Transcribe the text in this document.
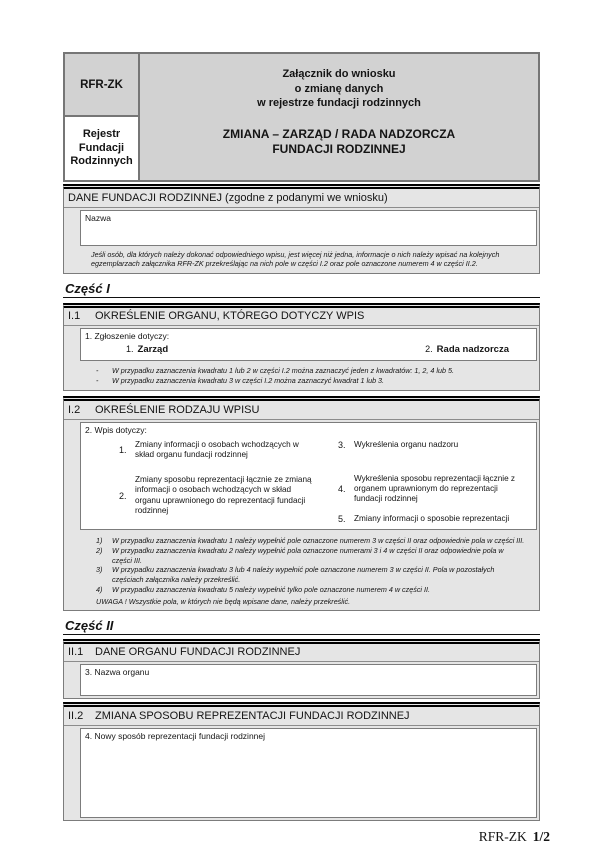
RFR-ZK
Rejestr
Fundacji
Rodzinnych
Załącznik do wniosku
o zmianę danych
w rejestrze fundacji rodzinnych
ZMIANA – ZARZĄD / RADA NADZORCZA
FUNDACJI RODZINNEJ
DANE FUNDACJI RODZINNEJ (zgodne z podanymi we wniosku)
Nazwa
Jeśli osób, dla których należy dokonać odpowiedniego wpisu, jest więcej niż jedna, informacje o nich należy wpisać na kolejnych egzemplarzach załącznika RFR-ZK przekreślając na nich pole w części I.2 oraz pole oznaczone numerem 4 w części II.2.
Część I
I.1	OKREŚLENIE ORGANU, KTÓREGO DOTYCZY WPIS
1. Zgłoszenie dotyczy:
1. Zarząd	2. Rada nadzorcza
-	W przypadku zaznaczenia kwadratu 1 lub 2 w części I.2 można zaznaczyć jeden z kwadratów: 1, 2, 4 lub 5.
-	W przypadku zaznaczenia kwadratu 3 w części I.2 można zaznaczyć kwadrat 1 lub 3.
I.2	OKREŚLENIE RODZAJU WPISU
2. Wpis dotyczy:
1.
Zmiany informacji o osobach wchodzących w skład organu fundacji rodzinnej
2.
Zmiany sposobu reprezentacji łącznie ze zmianą informacji o osobach wchodzących w skład organu uprawnionego do reprezentacji fundacji rodzinnej
3.	Wykreślenia organu nadzoru
4.
Wykreślenia sposobu reprezentacji łącznie z organem uprawnionym do reprezentacji fundacji rodzinnej
5.	Zmiany informacji o sposobie reprezentacji
1)	W przypadku zaznaczenia kwadratu 1 należy wypełnić pole oznaczone numerem 3 w części II oraz odpowiednie pola w części III.
2)	W przypadku zaznaczenia kwadratu 2 należy wypełnić pola oznaczone numerami 3 i 4 w części II oraz odpowiednie pola w części III.
3)	W przypadku zaznaczenia kwadratu 3 lub 4 należy wypełnić pole oznaczone numerem 3 w części II. Pola w pozostałych częściach załącznika należy przekreślić.
4)	W przypadku zaznaczenia kwadratu 5 należy wypełnić tylko pole oznaczone numerem 4 w części II.
UWAGA ! Wszystkie pola, w których nie będą wpisane dane, należy przekreślić.
Część II
II.1	DANE ORGANU FUNDACJI RODZINNEJ
3. Nazwa organu
II.2	ZMIANA SPOSOBU REPREZENTACJI FUNDACJI RODZINNEJ
4. Nowy sposób reprezentacji fundacji rodzinnej
RFR-ZK 1/2
